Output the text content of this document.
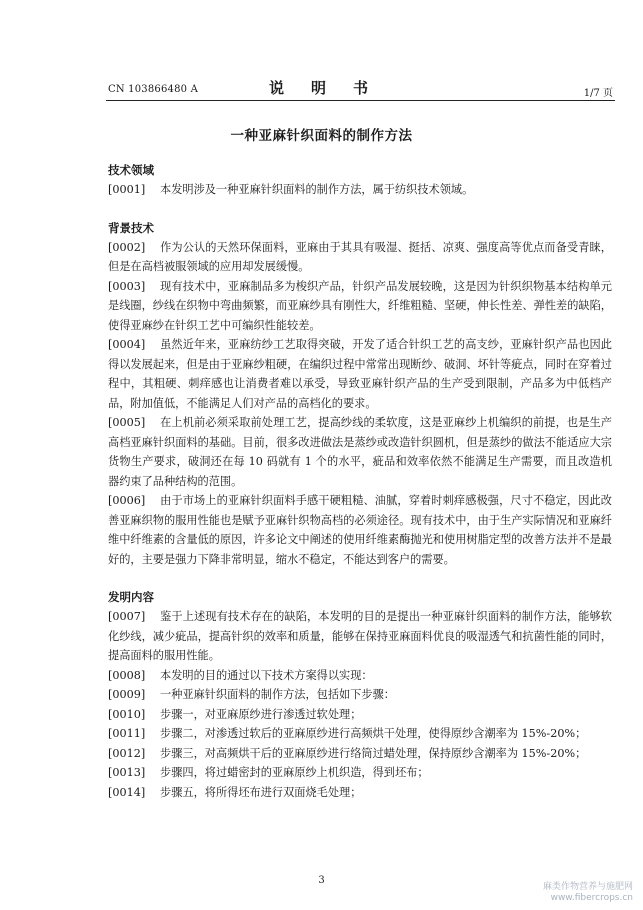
CN 103866480 A	说　明　书	1/7 页
一种亚麻针织面料的制作方法
技术领域
[0001] 本发明涉及一种亚麻针织面料的制作方法，属于纺织技术领域。
背景技术
[0002] 作为公认的天然环保面料，亚麻由于其具有吸湿、挺括、凉爽、强度高等优点而备受青睐，但是在高档被服领域的应用却发展缓慢。
[0003] 现有技术中，亚麻制品多为梭织产品，针织产品发展较晚，这是因为针织织物基本结构单元是线圈，纱线在织物中弯曲频繁，而亚麻纱具有刚性大，纤维粗糙、坚硬，伸长性差、弹性差的缺陷，使得亚麻纱在针织工艺中可编织性能较差。
[0004] 虽然近年来，亚麻纺纱工艺取得突破，开发了适合针织工艺的高支纱，亚麻针织产品也因此得以发展起来，但是由于亚麻纱粗硬，在编织过程中常常出现断纱、破洞、坏针等疵点，同时在穿着过程中，其粗硬、刺痒感也让消费者难以承受，导致亚麻针织产品的生产受到限制，产品多为中低档产品，附加值低，不能满足人们对产品的高档化的要求。
[0005] 在上机前必须采取前处理工艺，提高纱线的柔软度，这是亚麻纱上机编织的前提，也是生产高档亚麻针织面料的基础。目前，很多改进做法是蒸纱或改造针织圆机，但是蒸纱的做法不能适应大宗货物生产要求，破洞还在每 10 码就有 1 个的水平，疵品和效率依然不能满足生产需要，而且改造机器约束了品种结构的范围。
[0006] 由于市场上的亚麻针织面料手感干硬粗糙、油腻，穿着时刺痒感极强，尺寸不稳定，因此改善亚麻织物的服用性能也是赋予亚麻针织物高档的必须途径。现有技术中，由于生产实际情况和亚麻纤维中纤维素的含量低的原因，许多论文中阐述的使用纤维素酶抛光和使用树脂定型的改善方法并不是最好的，主要是强力下降非常明显，缩水不稳定，不能达到客户的需要。
发明内容
[0007] 鉴于上述现有技术存在的缺陷，本发明的目的是提出一种亚麻针织面料的制作方法，能够软化纱线，减少疵品，提高针织的效率和质量，能够在保持亚麻面料优良的吸湿透气和抗菌性能的同时，提高面料的服用性能。
[0008] 本发明的目的通过以下技术方案得以实现：
[0009] 一种亚麻针织面料的制作方法，包括如下步骤：
[0010] 步骤一，对亚麻原纱进行渗透过软处理；
[0011] 步骤二，对渗透过软后的亚麻原纱进行高频烘干处理，使得原纱含潮率为 15%-20%；
[0012] 步骤三，对高频烘干后的亚麻原纱进行络筒过蜡处理，保持原纱含潮率为 15%-20%；
[0013] 步骤四，将过蜡密封的亚麻原纱上机织造，得到坯布；
[0014] 步骤五，将所得坯布进行双面烧毛处理；
3
麻类作物营养与施肥网
www.fibercrops.cn
